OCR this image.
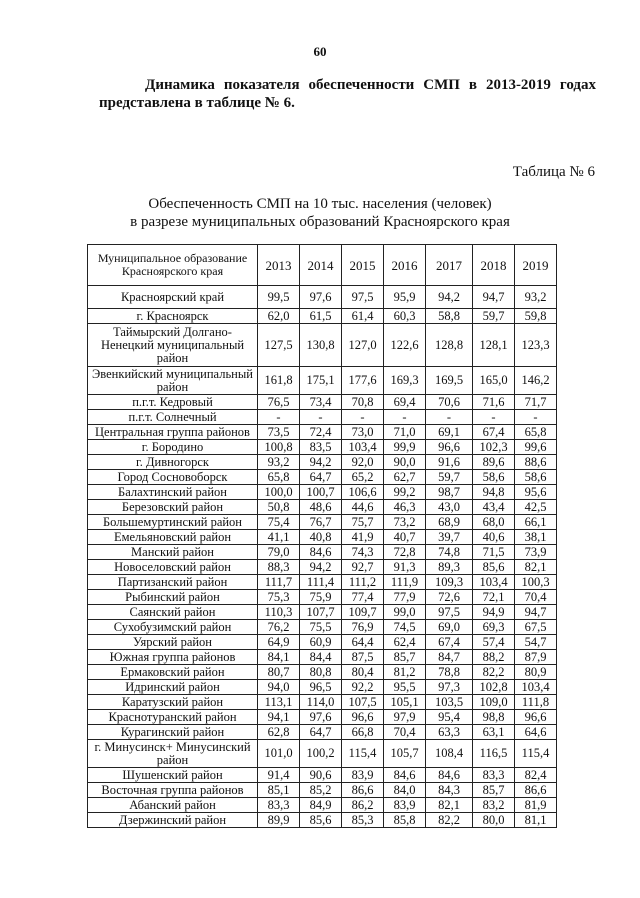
60
Динамика показателя обеспеченности СМП в 2013-2019 годах
представлена в таблице № 6.
Таблица № 6
Обеспеченность СМП на 10 тыс. населения (человек)
в разрезе муниципальных образований Красноярского края
Муниципальное образование Красноярского края	2013	2014	2015	2016	2017	2018	2019
Красноярский край	99,5	97,6	97,5	95,9	94,2	94,7	93,2
г. Красноярск	62,0	61,5	61,4	60,3	58,8	59,7	59,8
Таймырский Долгано-Ненецкий муниципальный район	127,5	130,8	127,0	122,6	128,8	128,1	123,3
Эвенкийский муниципальный район	161,8	175,1	177,6	169,3	169,5	165,0	146,2
п.г.т. Кедровый	76,5	73,4	70,8	69,4	70,6	71,6	71,7
п.г.т. Солнечный	-	-	-	-	-	-	-
Центральная группа районов	73,5	72,4	73,0	71,0	69,1	67,4	65,8
г. Бородино	100,8	83,5	103,4	99,9	96,6	102,3	99,6
г. Дивногорск	93,2	94,2	92,0	90,0	91,6	89,6	88,6
Город Сосновоборск	65,8	64,7	65,2	62,7	59,7	58,6	58,6
Балахтинский район	100,0	100,7	106,6	99,2	98,7	94,8	95,6
Березовский район	50,8	48,6	44,6	46,3	43,0	43,4	42,5
Большемуртинский район	75,4	76,7	75,7	73,2	68,9	68,0	66,1
Емельяновский район	41,1	40,8	41,9	40,7	39,7	40,6	38,1
Манский район	79,0	84,6	74,3	72,8	74,8	71,5	73,9
Новоселовский район	88,3	94,2	92,7	91,3	89,3	85,6	82,1
Партизанский район	111,7	111,4	111,2	111,9	109,3	103,4	100,3
Рыбинский район	75,3	75,9	77,4	77,9	72,6	72,1	70,4
Саянский район	110,3	107,7	109,7	99,0	97,5	94,9	94,7
Сухобузимский район	76,2	75,5	76,9	74,5	69,0	69,3	67,5
Уярский район	64,9	60,9	64,4	62,4	67,4	57,4	54,7
Южная группа районов	84,1	84,4	87,5	85,7	84,7	88,2	87,9
Ермаковский район	80,7	80,8	80,4	81,2	78,8	82,2	80,9
Идринский район	94,0	96,5	92,2	95,5	97,3	102,8	103,4
Каратузский район	113,1	114,0	107,5	105,1	103,5	109,0	111,8
Краснотуранский район	94,1	97,6	96,6	97,9	95,4	98,8	96,6
Курагинский район	62,8	64,7	66,8	70,4	63,3	63,1	64,6
г. Минусинск+ Минусинский район	101,0	100,2	115,4	105,7	108,4	116,5	115,4
Шушенский район	91,4	90,6	83,9	84,6	84,6	83,3	82,4
Восточная группа районов	85,1	85,2	86,6	84,0	84,3	85,7	86,6
Абанский район	83,3	84,9	86,2	83,9	82,1	83,2	81,9
Дзержинский район	89,9	85,6	85,3	85,8	82,2	80,0	81,1
